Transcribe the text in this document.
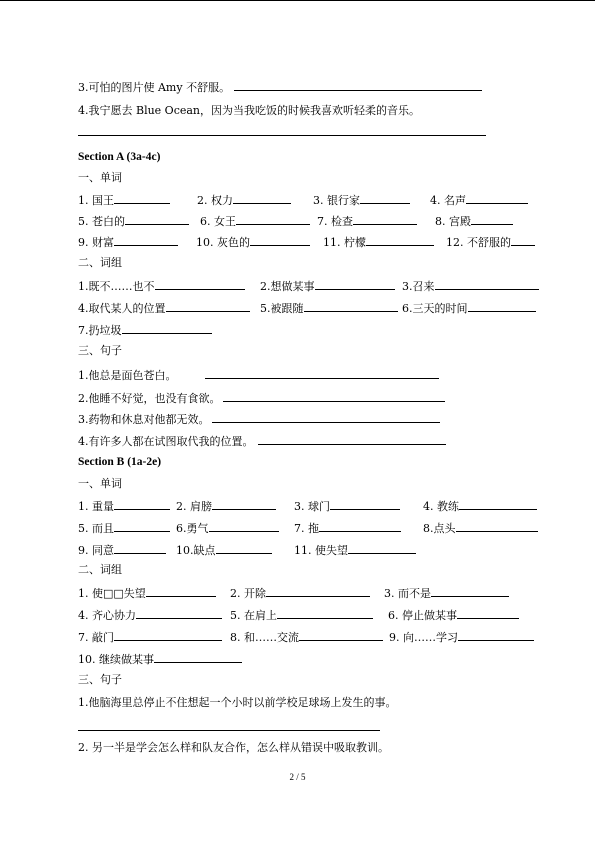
3.可怕的图片使 Amy 不舒服。
4.我宁愿去 Blue Ocean，因为当我吃饭的时候我喜欢听轻柔的音乐。
Section A (3a-4c)
一、单词
1. 国王	2. 权力	3. 银行家	4. 名声
5. 苍白的	6. 女王	7. 检查	8. 宫殿
9. 财富	10. 灰色的	11. 柠檬	12. 不舒服的
二、词组
1.既不……也不	2.想做某事	3.召来
4.取代某人的位置	5.被跟随	6.三天的时间
7.扔垃圾
三、句子
1.他总是面色苍白。
2.他睡不好觉，也没有食欲。
3.药物和休息对他都无效。
4.有许多人都在试图取代我的位置。
Section B (1a-2e)
一、单词
1. 重量	2. 肩膀	3. 球门	4. 教练
5. 而且	6.勇气	7. 拖	8.点头
9. 同意	10.缺点	11. 使失望
二、词组
1. 使□□失望	2. 开除	3. 而不是
4. 齐心协力	5. 在肩上	6. 停止做某事
7. 敲门	8. 和……交流	9. 向……学习
10. 继续做某事
三、句子
1.他脑海里总停止不住想起一个小时以前学校足球场上发生的事。
2. 另一半是学会怎么样和队友合作，怎么样从错误中吸取教训。
2 / 5
